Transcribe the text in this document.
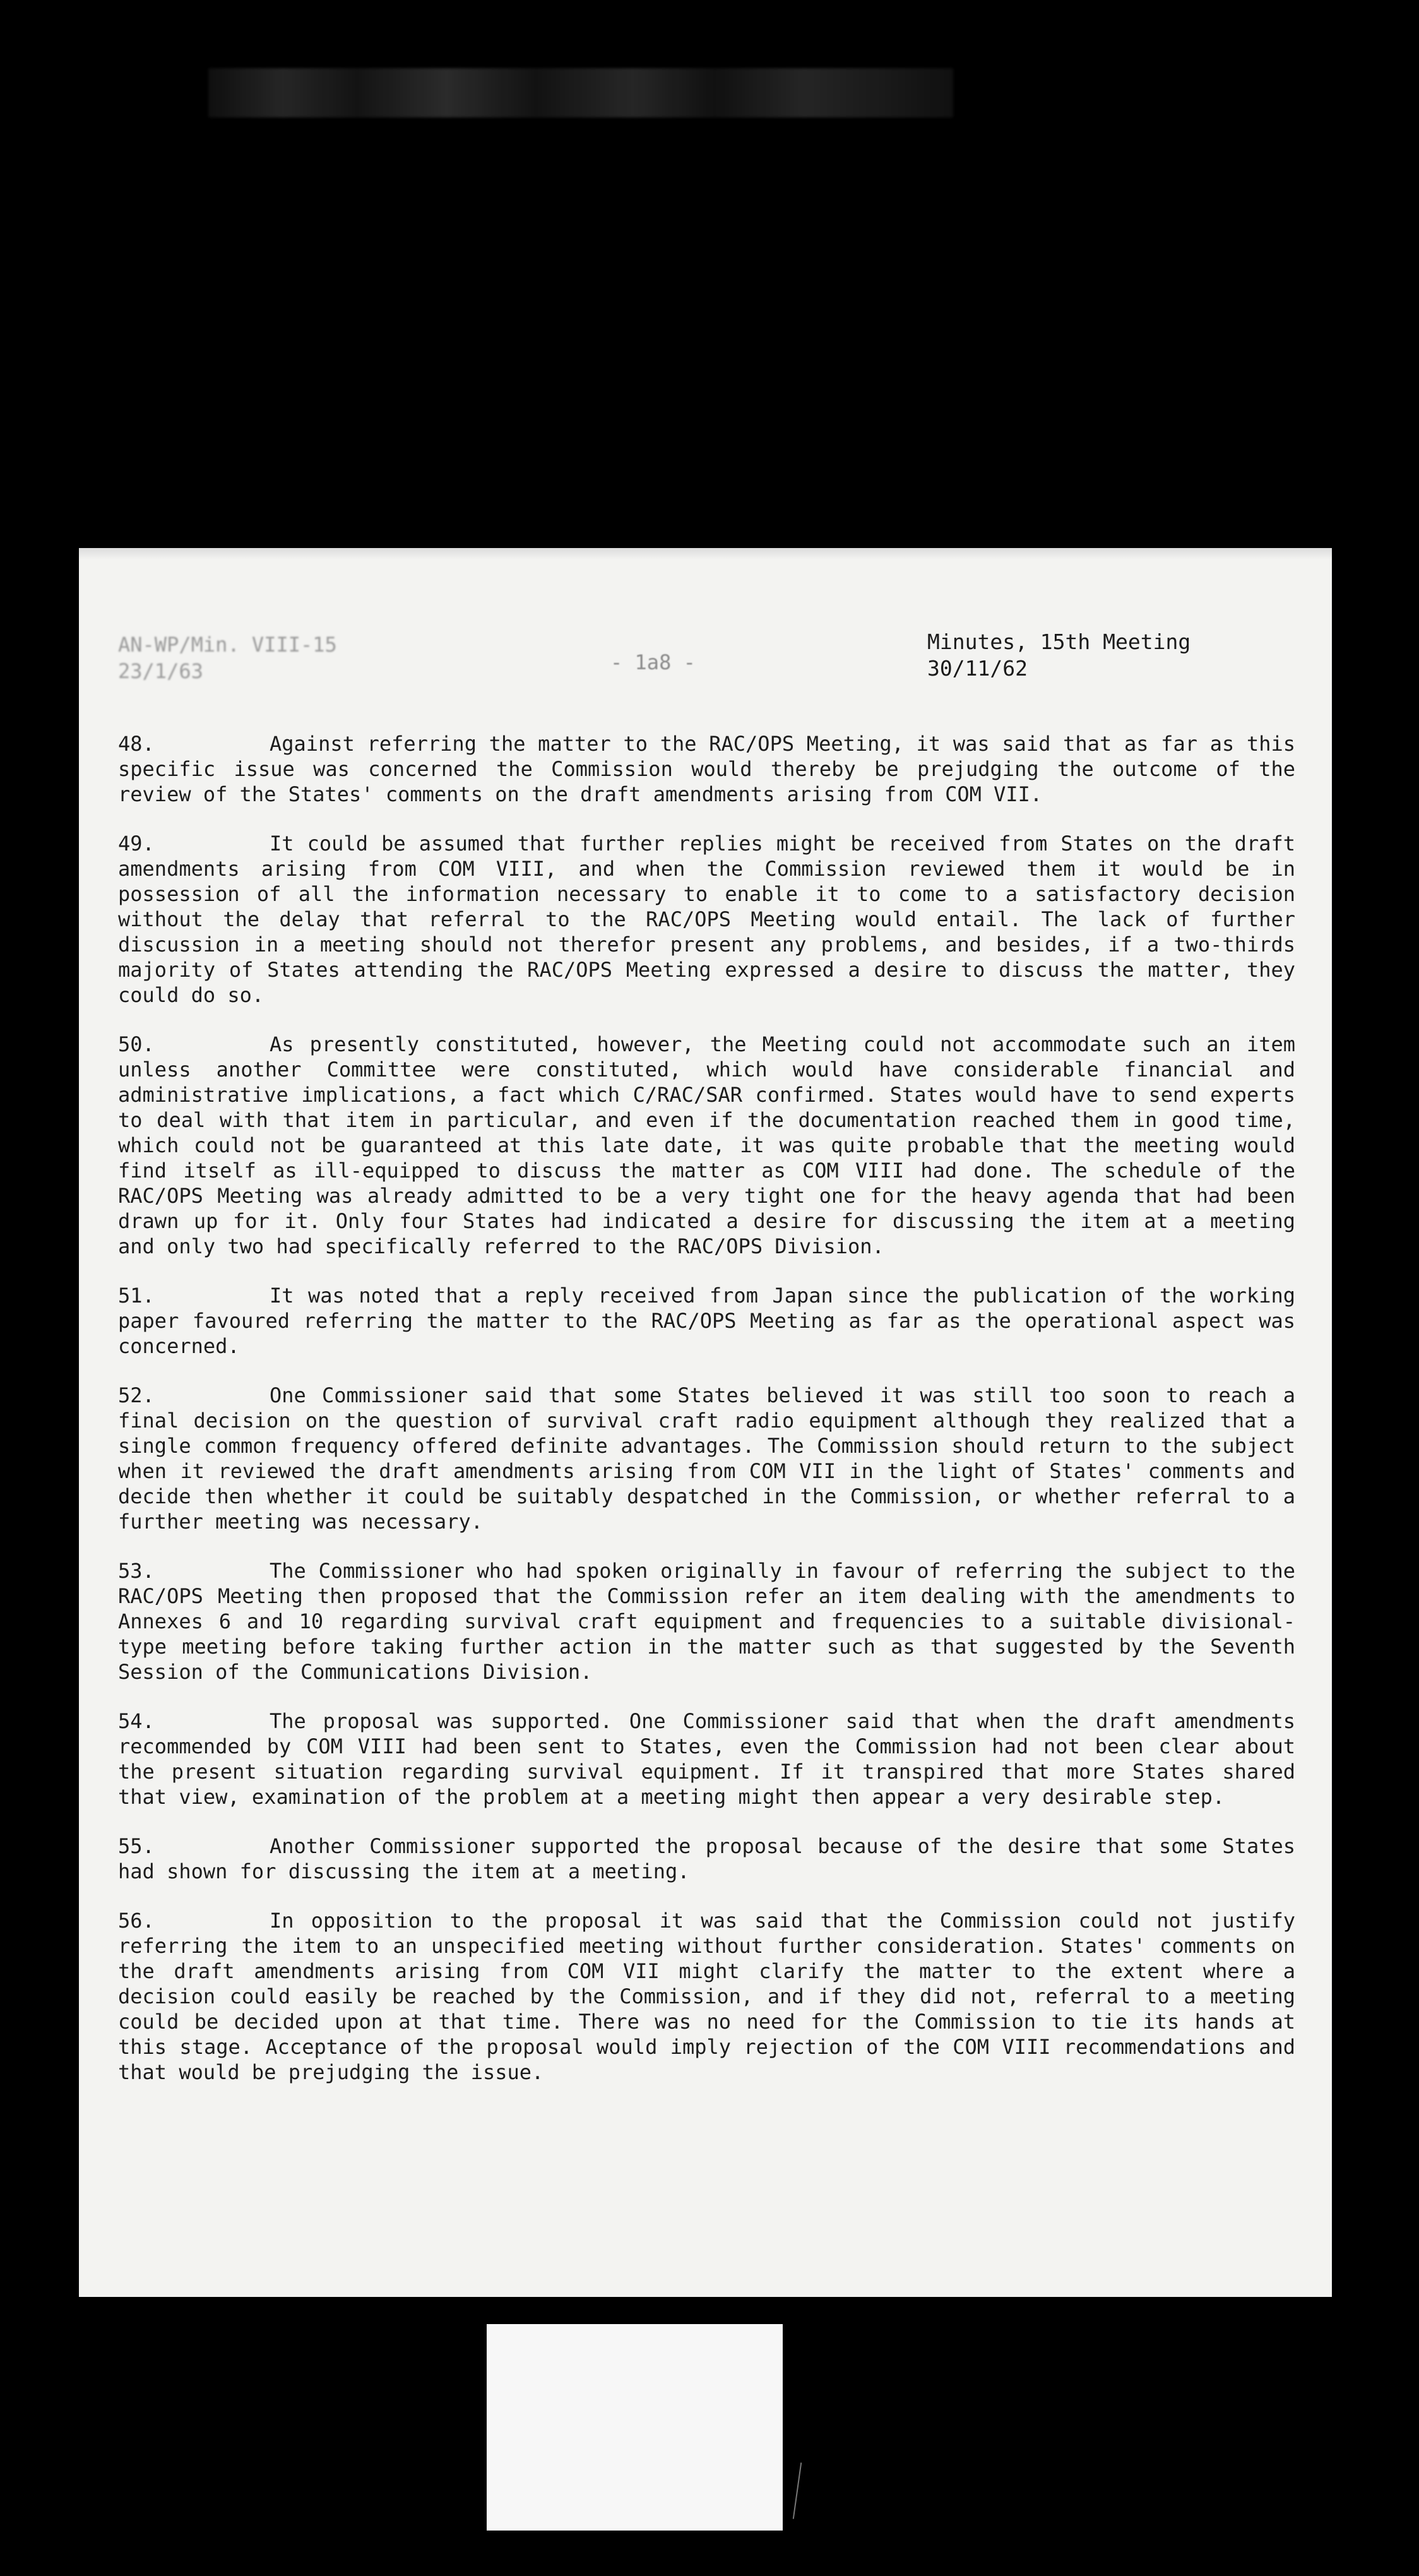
AN-WP/Min. VIII-15
23/1/63	- 1a8 -
Minutes, 15th Meeting
30/11/62

48.	Against referring the matter to the RAC/OPS Meeting, it was said that as far as this specific issue was concerned the Commission would thereby be prejudging the outcome of the review of the States' comments on the draft amendments arising from COM VII.

49.	It could be assumed that further replies might be received from States on the draft amendments arising from COM VIII, and when the Commission reviewed them it would be in possession of all the information necessary to enable it to come to a satisfactory decision without the delay that referral to the RAC/OPS Meeting would entail. The lack of further discussion in a meeting should not therefor present any problems, and besides, if a two-thirds majority of States attending the RAC/OPS Meeting expressed a desire to discuss the matter, they could do so.

50.	As presently constituted, however, the Meeting could not accommodate such an item unless another Committee were constituted, which would have considerable financial and administrative implications, a fact which C/RAC/SAR confirmed. States would have to send experts to deal with that item in particular, and even if the documentation reached them in good time, which could not be guaranteed at this late date, it was quite probable that the meeting would find itself as ill-equipped to discuss the matter as COM VIII had done. The schedule of the RAC/OPS Meeting was already admitted to be a very tight one for the heavy agenda that had been drawn up for it. Only four States had indicated a desire for discussing the item at a meeting and only two had specifically referred to the RAC/OPS Division.

51.	It was noted that a reply received from Japan since the publication of the working paper favoured referring the matter to the RAC/OPS Meeting as far as the operational aspect was concerned.

52.	One Commissioner said that some States believed it was still too soon to reach a final decision on the question of survival craft radio equipment although they realized that a single common frequency offered definite advantages. The Commission should return to the subject when it reviewed the draft amendments arising from COM VII in the light of States' comments and decide then whether it could be suitably despatched in the Commission, or whether referral to a further meeting was necessary.

53.	The Commissioner who had spoken originally in favour of referring the subject to the RAC/OPS Meeting then proposed that the Commission refer an item dealing with the amendments to Annexes 6 and 10 regarding survival craft equipment and frequencies to a suitable divisional-type meeting before taking further action in the matter such as that suggested by the Seventh Session of the Communications Division.

54.	The proposal was supported. One Commissioner said that when the draft amendments recommended by COM VIII had been sent to States, even the Commission had not been clear about the present situation regarding survival equipment. If it transpired that more States shared that view, examination of the problem at a meeting might then appear a very desirable step.

55.	Another Commissioner supported the proposal because of the desire that some States had shown for discussing the item at a meeting.

56.	In opposition to the proposal it was said that the Commission could not justify referring the item to an unspecified meeting without further consideration. States' comments on the draft amendments arising from COM VII might clarify the matter to the extent where a decision could easily be reached by the Commission, and if they did not, referral to a meeting could be decided upon at that time. There was no need for the Commission to tie its hands at this stage. Acceptance of the proposal would imply rejection of the COM VIII recommendations and that would be prejudging the issue.
